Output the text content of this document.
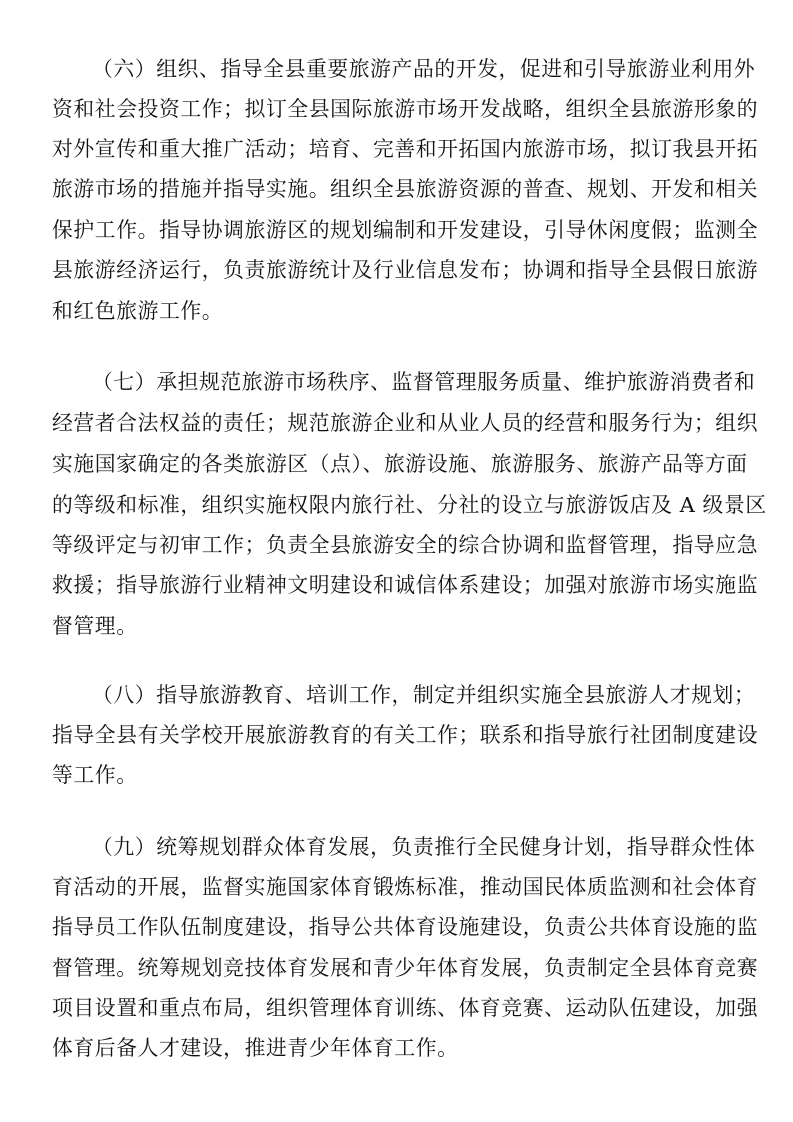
（六）组织、指导全县重要旅游产品的开发，促进和引导旅游业利用外
资和社会投资工作；拟订全县国际旅游市场开发战略，组织全县旅游形象的
对外宣传和重大推广活动；培育、完善和开拓国内旅游市场，拟订我县开拓
旅游市场的措施并指导实施。组织全县旅游资源的普查、规划、开发和相关
保护工作。指导协调旅游区的规划编制和开发建设，引导休闲度假；监测全
县旅游经济运行，负责旅游统计及行业信息发布；协调和指导全县假日旅游
和红色旅游工作。
（七）承担规范旅游市场秩序、监督管理服务质量、维护旅游消费者和
经营者合法权益的责任；规范旅游企业和从业人员的经营和服务行为；组织
实施国家确定的各类旅游区（点）、旅游设施、旅游服务、旅游产品等方面
的等级和标准，组织实施权限内旅行社、分社的设立与旅游饭店及 A 级景区
等级评定与初审工作；负责全县旅游安全的综合协调和监督管理，指导应急
救援；指导旅游行业精神文明建设和诚信体系建设；加强对旅游市场实施监
督管理。
（八）指导旅游教育、培训工作，制定并组织实施全县旅游人才规划；
指导全县有关学校开展旅游教育的有关工作；联系和指导旅行社团制度建设
等工作。
（九）统筹规划群众体育发展，负责推行全民健身计划，指导群众性体
育活动的开展，监督实施国家体育锻炼标准，推动国民体质监测和社会体育
指导员工作队伍制度建设，指导公共体育设施建设，负责公共体育设施的监
督管理。统筹规划竞技体育发展和青少年体育发展，负责制定全县体育竞赛
项目设置和重点布局，组织管理体育训练、体育竞赛、运动队伍建设，加强
体育后备人才建设，推进青少年体育工作。
